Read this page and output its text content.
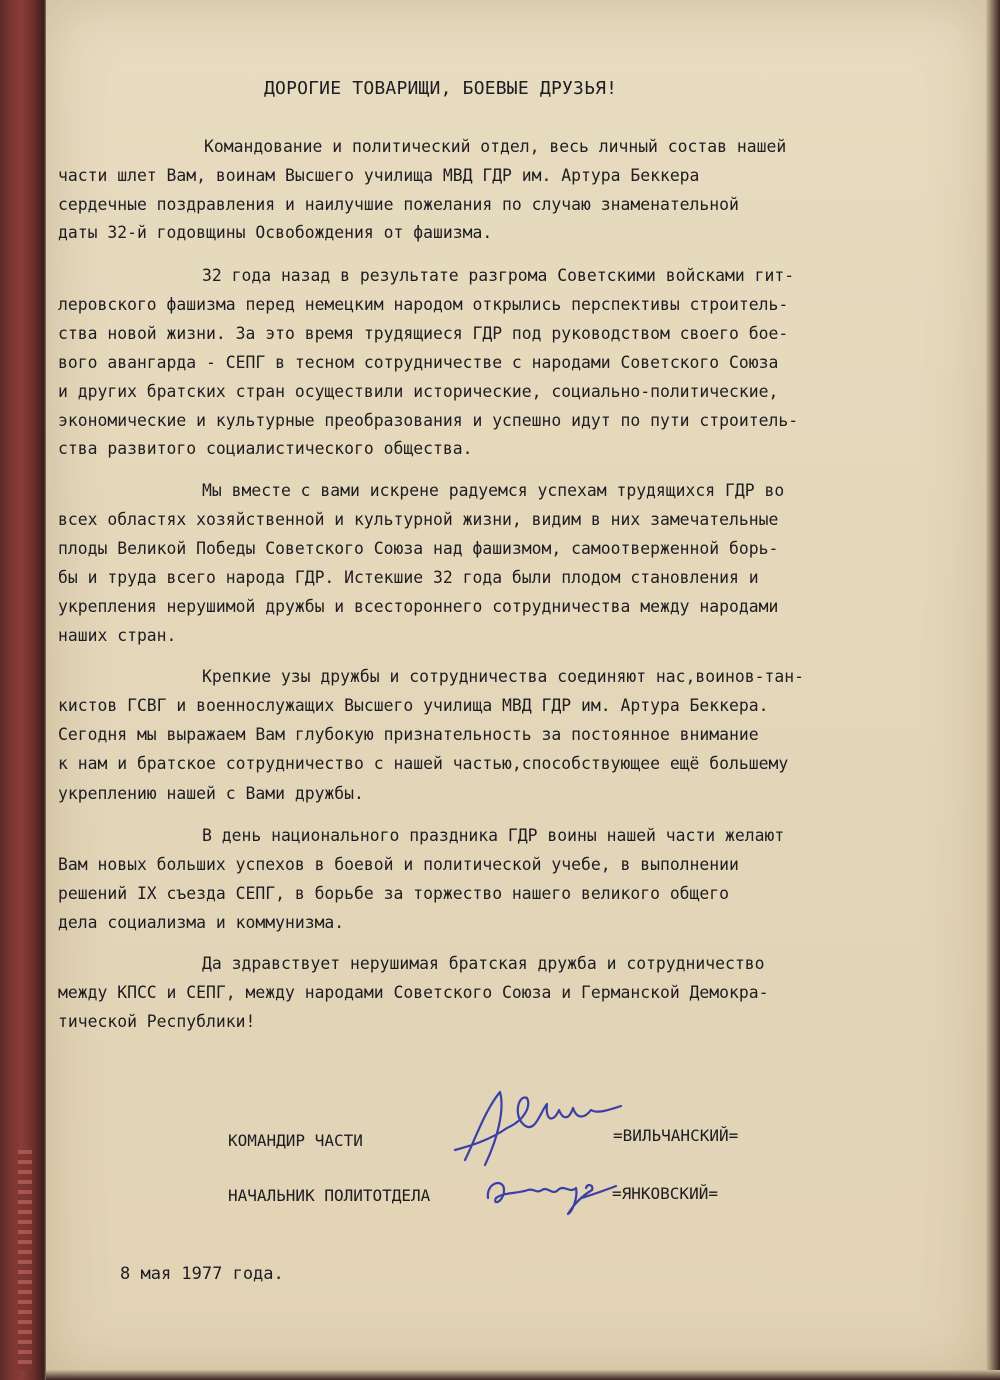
ДОРОГИЕ ТОВАРИЩИ, БОЕВЫЕ ДРУЗЬЯ!
Командование и политический отдел, весь личный состав нашей
части шлет Вам, воинам Высшего училища МВД ГДР им. Артура Беккера
сердечные поздравления и наилучшие пожелания по случаю знаменательной
даты 32-й годовщины Освобождения от фашизма.
32 года назад в результате разгрома Советскими войсками гит-
леровского фашизма перед немецким народом открылись перспективы строитель-
ства новой жизни. За это время трудящиеся ГДР под руководством своего бое-
вого авангарда - СЕПГ в тесном сотрудничестве с народами Советского Союза
и других братских стран осуществили исторические, социально-политические,
экономические и культурные преобразования и успешно идут по пути строитель-
ства развитого социалистического общества.
Мы вместе с вами искрене радуемся успехам трудящихся ГДР во
всех областях хозяйственной и культурной жизни, видим в них замечательные
плоды Великой Победы Советского Союза над фашизмом, самоотверженной борь-
бы и труда всего народа ГДР. Истекшие 32 года были плодом становления и
укрепления нерушимой дружбы и всестороннего сотрудничества между народами
наших стран.
Крепкие узы дружбы и сотрудничества соединяют нас,воинов-тан-
кистов ГСВГ и военнослужащих Высшего училища МВД ГДР им. Артура Беккера.
Сегодня мы выражаем Вам глубокую признательность за постоянное внимание
к нам и братское сотрудничество с нашей частью,способствующее ещё большему
укреплению нашей с Вами дружбы.
В день национального праздника ГДР воины нашей части желают
Вам новых больших успехов в боевой и политической учебе, в выполнении
решений IX съезда СЕПГ, в борьбе за торжество нашего великого общего
дела социализма и коммунизма.
Да здравствует нерушимая братская дружба и сотрудничество
между КПСС и СЕПГ, между народами Советского Союза и Германской Демокра-
тической Республики!
КОМАНДИР ЧАСТИ	=ВИЛЬЧАНСКИЙ=
НАЧАЛЬНИК ПОЛИТОТДЕЛА	=ЯНКОВСКИЙ=
8 мая 1977 года.
